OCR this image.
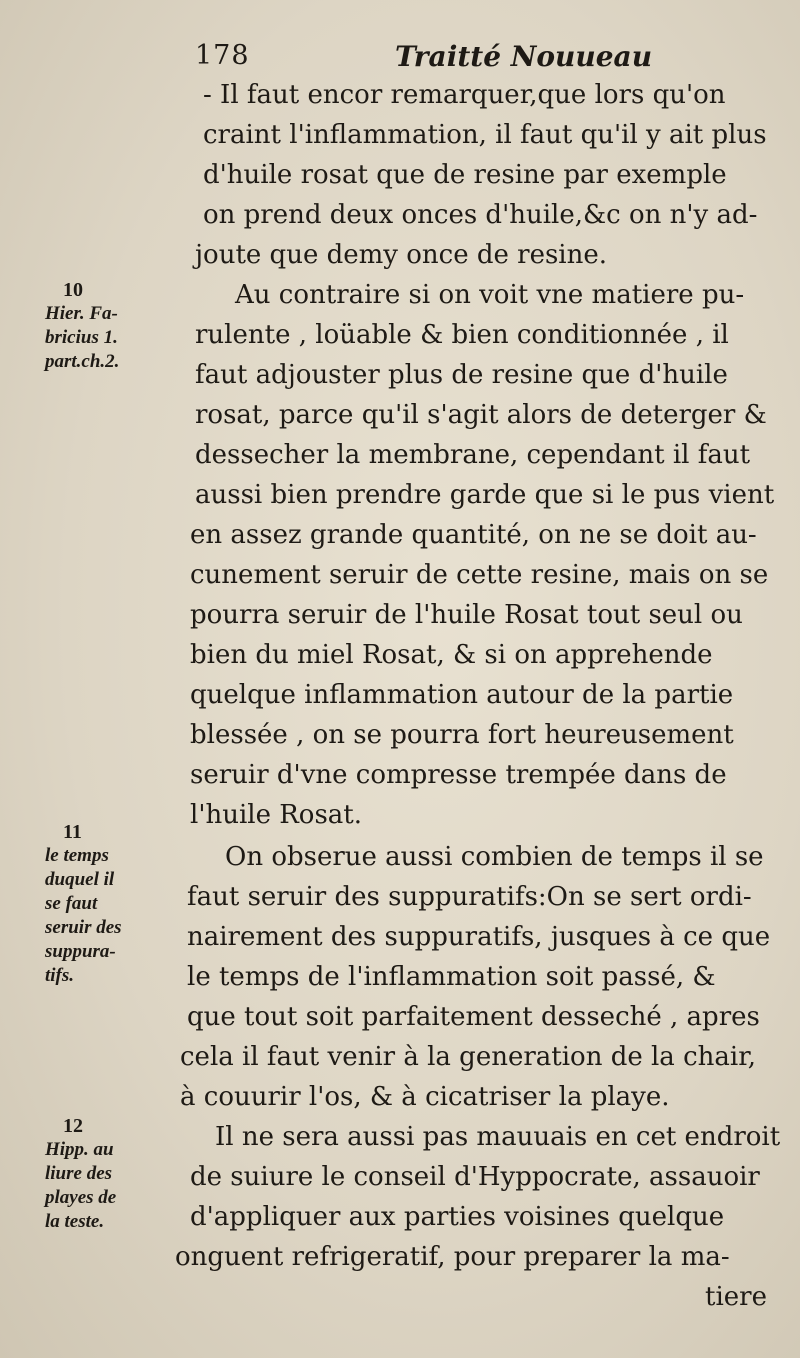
178	Traitté Nouueau
- Il faut encor remarquer,que lors qu'on
craint l'inflammation, il faut qu'il y ait plus
d'huile rosat que de resine par exemple
on prend deux onces d'huile,&c on n'y ad-
joute que demy once de resine.
Au contraire si on voit vne matiere pu-
rulente , loüable & bien conditionnée , il
faut adjouster plus de resine que d'huile
rosat, parce qu'il s'agit alors de deterger &
dessecher la membrane, cependant il faut
aussi bien prendre garde que si le pus vient
en assez grande quantité, on ne se doit au-
cunement seruir de cette resine, mais on se
pourra seruir de l'huile Rosat tout seul ou
bien du miel Rosat, & si on apprehende
quelque inflammation autour de la partie
blessée , on se pourra fort heureusement
seruir d'vne compresse trempée dans de
l'huile Rosat.
On obserue aussi combien de temps il se
faut seruir des suppuratifs:On se sert ordi-
nairement des suppuratifs, jusques à ce que
le temps de l'inflammation soit passé, &
que tout soit parfaitement desseché , apres
cela il faut venir à la generation de la chair,
à couurir l'os, & à cicatriser la playe.
Il ne sera aussi pas mauuais en cet endroit
de suiure le conseil d'Hyppocrate, assauoir
d'appliquer aux parties voisines quelque
onguent refrigeratif, pour preparer la ma-
tiere
10
Hier. Fa-
bricius 1.
part.ch.2.
11
le temps
duquel il
se faut
seruir des
suppura-
tifs.
12
Hipp. au
liure des
playes de
la teste.
